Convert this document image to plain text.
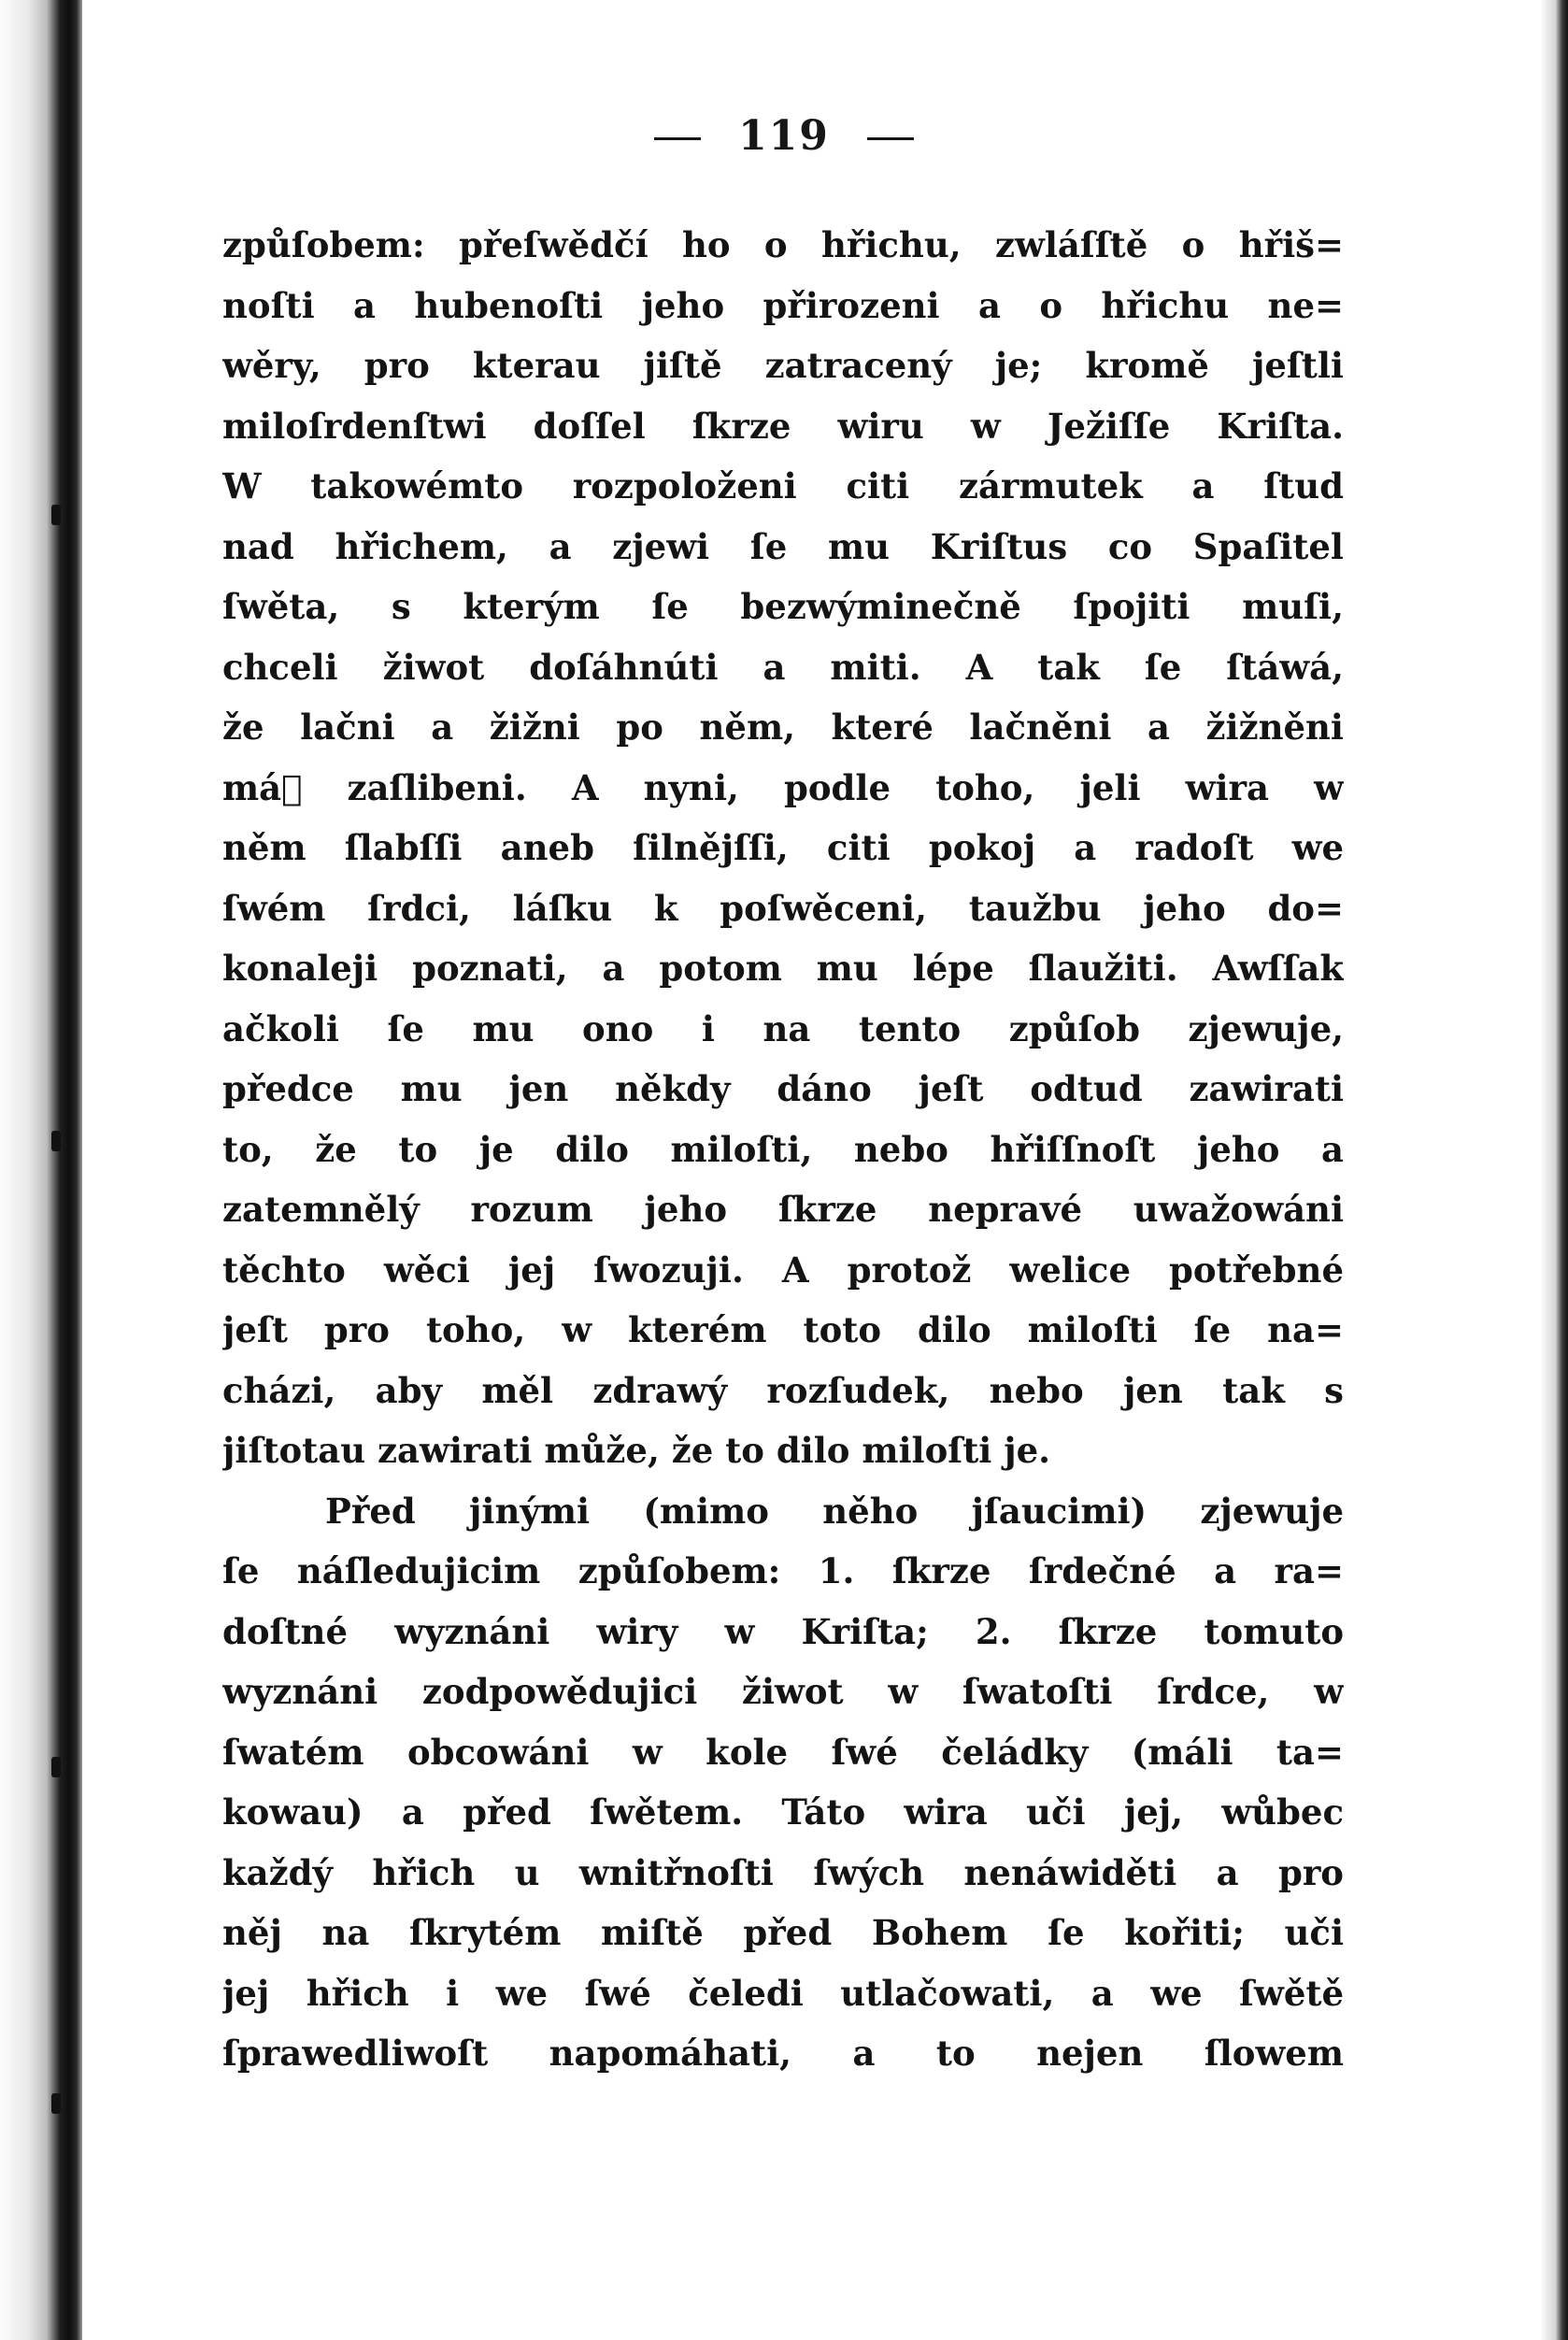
119
způſobem: přeſwědčí ho o hřichu, zwláſſtě o hřiš=
noſti a hubenoſti jeho přirozeni a o hřichu ne=
wěry, pro kterau jiſtě zatracený je; kromě jeſtli
miloſrdenſtwi doſſel ſkrze wiru w Ježiſſe Kriſta.
W takowémto rozpoloženi citi zármutek a ſtud
nad hřichem, a zjewi ſe mu Kriſtus co Spaſitel
ſwěta, s kterým ſe bezwýminečně ſpojiti muſi,
chceli žiwot doſáhnúti a miti. A tak ſe ſtáwá,
že lačni a žižni po něm, které lačněni a žižněni
má᷑ zaſlibeni. A nyni, podle toho, jeli wira w
něm ſlabſſi aneb ſilnějſſi, citi pokoj a radoſt we
ſwém ſrdci, láſku k poſwěceni, taužbu jeho do=
konaleji poznati, a potom mu lépe ſlaužiti. Awſſak
ačkoli ſe mu ono i na tento způſob zjewuje,
předce mu jen někdy dáno jeſt odtud zawirati
to, že to je dilo miloſti, nebo hřiſſnoſt jeho a
zatemnělý rozum jeho ſkrze nepravé uwažowáni
těchto wěci jej ſwozuji. A protož welice potřebné
jeſt pro toho, w kterém toto dilo miloſti ſe na=
cházi, aby měl zdrawý rozſudek, nebo jen tak s
jiſtotau zawirati může, že to dilo miloſti je.
Před jinými (mimo něho jſaucimi) zjewuje
ſe náſledujicim způſobem: 1. ſkrze ſrdečné a ra=
doſtné wyznáni wiry w Kriſta; 2. ſkrze tomuto
wyznáni zodpowědujici žiwot w ſwatoſti ſrdce, w
ſwatém obcowáni w kole ſwé čeládky (máli ta=
kowau) a před ſwětem. Táto wira uči jej, wůbec
každý hřich u wnitřnoſti ſwých nenáwiděti a pro
něj na ſkrytém miſtě před Bohem ſe kořiti; uči
jej hřich i we ſwé čeledi utlačowati, a we ſwětě
ſprawedliwoſt napomáhati, a to nejen ſlowem
